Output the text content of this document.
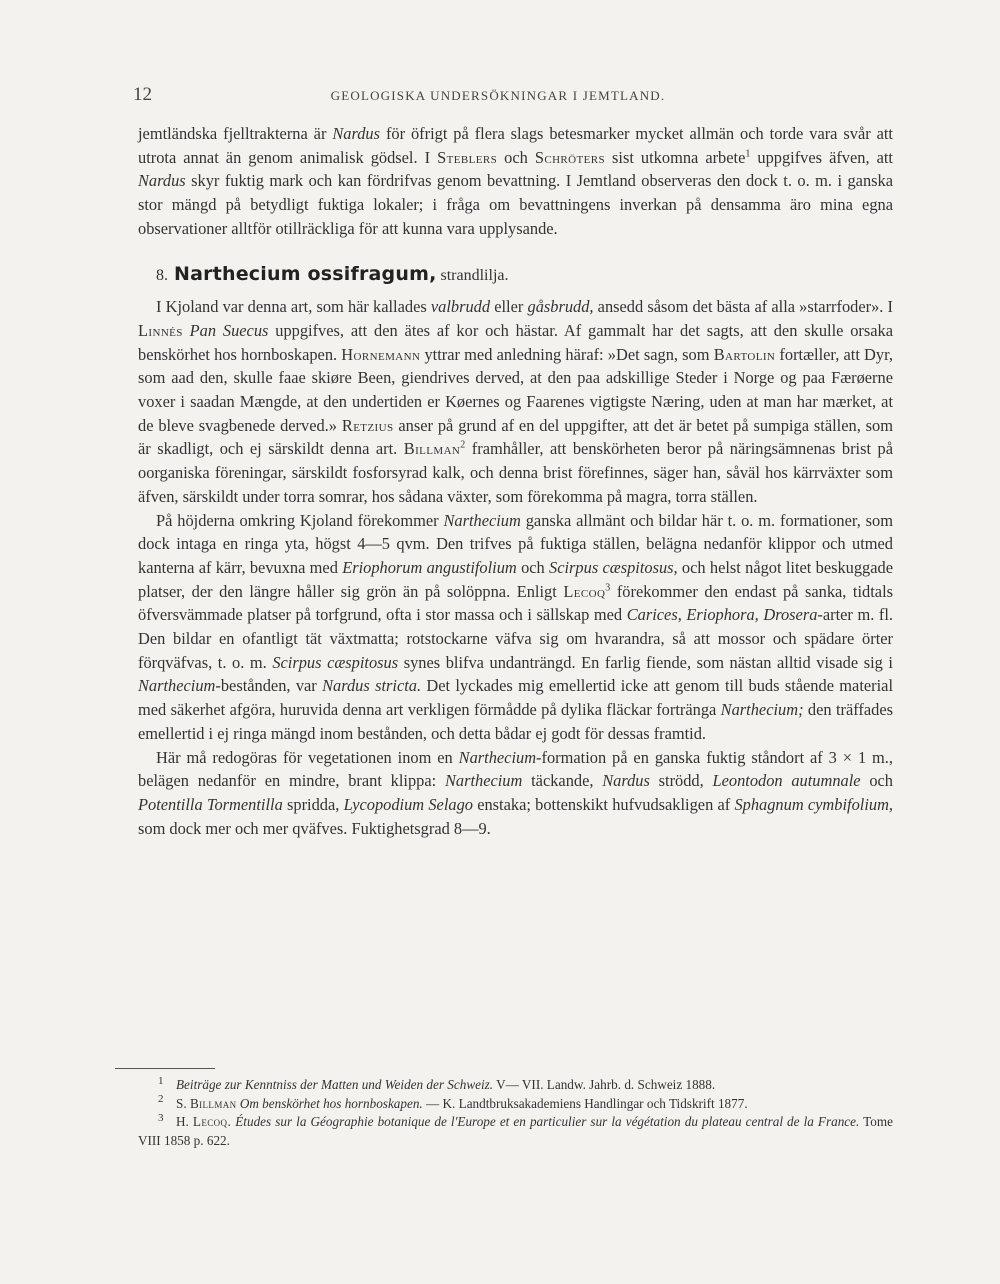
12	GEOLOGISKA UNDERSÖKNINGAR I JEMTLAND.

jemtländska fjelltrakterna är Nardus för öfrigt på flera slags betesmarker mycket allmän och torde vara svår att utrota annat än genom animalisk gödsel. I Steblers och Schröters sist utkomna arbete$^1$ uppgifves äfven, att Nardus skyr fuktig mark och kan fördrifvas genom bevattning. I Jemtland observeras den dock t. o. m. i ganska stor mängd på betydligt fuktiga lokaler; i fråga om bevattningens inverkan på densamma äro mina egna observationer alltför otillräckliga för att kunna vara upplysande.

8. Narthecium ossifragum, strandlilja.

I Kjoland var denna art, som här kallades valbrudd eller gåsbrudd, ansedd såsom det bästa af alla »starrfoder». I Linnés Pan Suecus uppgifves, att den ätes af kor och hästar. Af gammalt har det sagts, att den skulle orsaka benskörhet hos hornboskapen. Hornemann yttrar med anledning häraf: »Det sagn, som Bartolin fortæller, att Dyr, som aad den, skulle faae skiøre Been, giendrives derved, at den paa adskillige Steder i Norge og paa Færøerne voxer i saadan Mængde, at den undertiden er Køernes og Faarenes vigtigste Næring, uden at man har mærket, at de bleve svagbenede derved.» Retzius anser på grund af en del uppgifter, att det är betet på sumpiga ställen, som är skadligt, och ej särskildt denna art. Billman$^2$ framhåller, att benskörheten beror på näringsämnenas brist på oorganiska föreningar, särskildt fosforsyrad kalk, och denna brist förefinnes, säger han, såväl hos kärrväxter som äfven, särskildt under torra somrar, hos sådana växter, som förekomma på magra, torra ställen.

På höjderna omkring Kjoland förekommer Narthecium ganska allmänt och bildar här t. o. m. formationer, som dock intaga en ringa yta, högst 4—5 qvm. Den trifves på fuktiga ställen, belägna nedanför klippor och utmed kanterna af kärr, bevuxna med Eriophorum angustifolium och Scirpus cæspitosus, och helst något litet beskuggade platser, der den längre håller sig grön än på solöppna. Enligt Lecoq$^3$ förekommer den endast på sanka, tidtals öfversvämmade platser på torfgrund, ofta i stor massa och i sällskap med Carices, Eriophora, Drosera-arter m. fl. Den bildar en ofantligt tät växtmatta; rotstockarne väfva sig om hvarandra, så att mossor och spädare örter förqväfvas, t. o. m. Scirpus cæspitosus synes blifva undanträngd. En farlig fiende, som nästan alltid visade sig i Narthecium-bestånden, var Nardus stricta. Det lyckades mig emellertid icke att genom till buds stående material med säkerhet afgöra, huruvida denna art verkligen förmådde på dylika fläckar fortränga Narthecium; den träffades emellertid i ej ringa mängd inom bestånden, och detta bådar ej godt för dessas framtid.

Här må redogöras för vegetationen inom en Narthecium-formation på en ganska fuktig ståndort af 3 × 1 m., belägen nedanför en mindre, brant klippa: Narthecium täckande, Nardus strödd, Leontodon autumnale och Potentilla Tormentilla spridda, Lycopodium Selago enstaka; bottenskikt hufvudsakligen af Sphagnum cymbifolium, som dock mer och mer qväfves. Fuktighetsgrad 8—9.

1 Beiträge zur Kenntniss der Matten und Weiden der Schweiz. V— VII. Landw. Jahrb. d. Schweiz 1888.

2 S. Billman Om benskörhet hos hornboskapen. — K. Landtbruksakademiens Handlingar och Tidskrift 1877.

3 H. Lecoq. Études sur la Géographie botanique de l'Europe et en particulier sur la végétation du plateau central de la France. Tome VIII 1858 p. 622.
